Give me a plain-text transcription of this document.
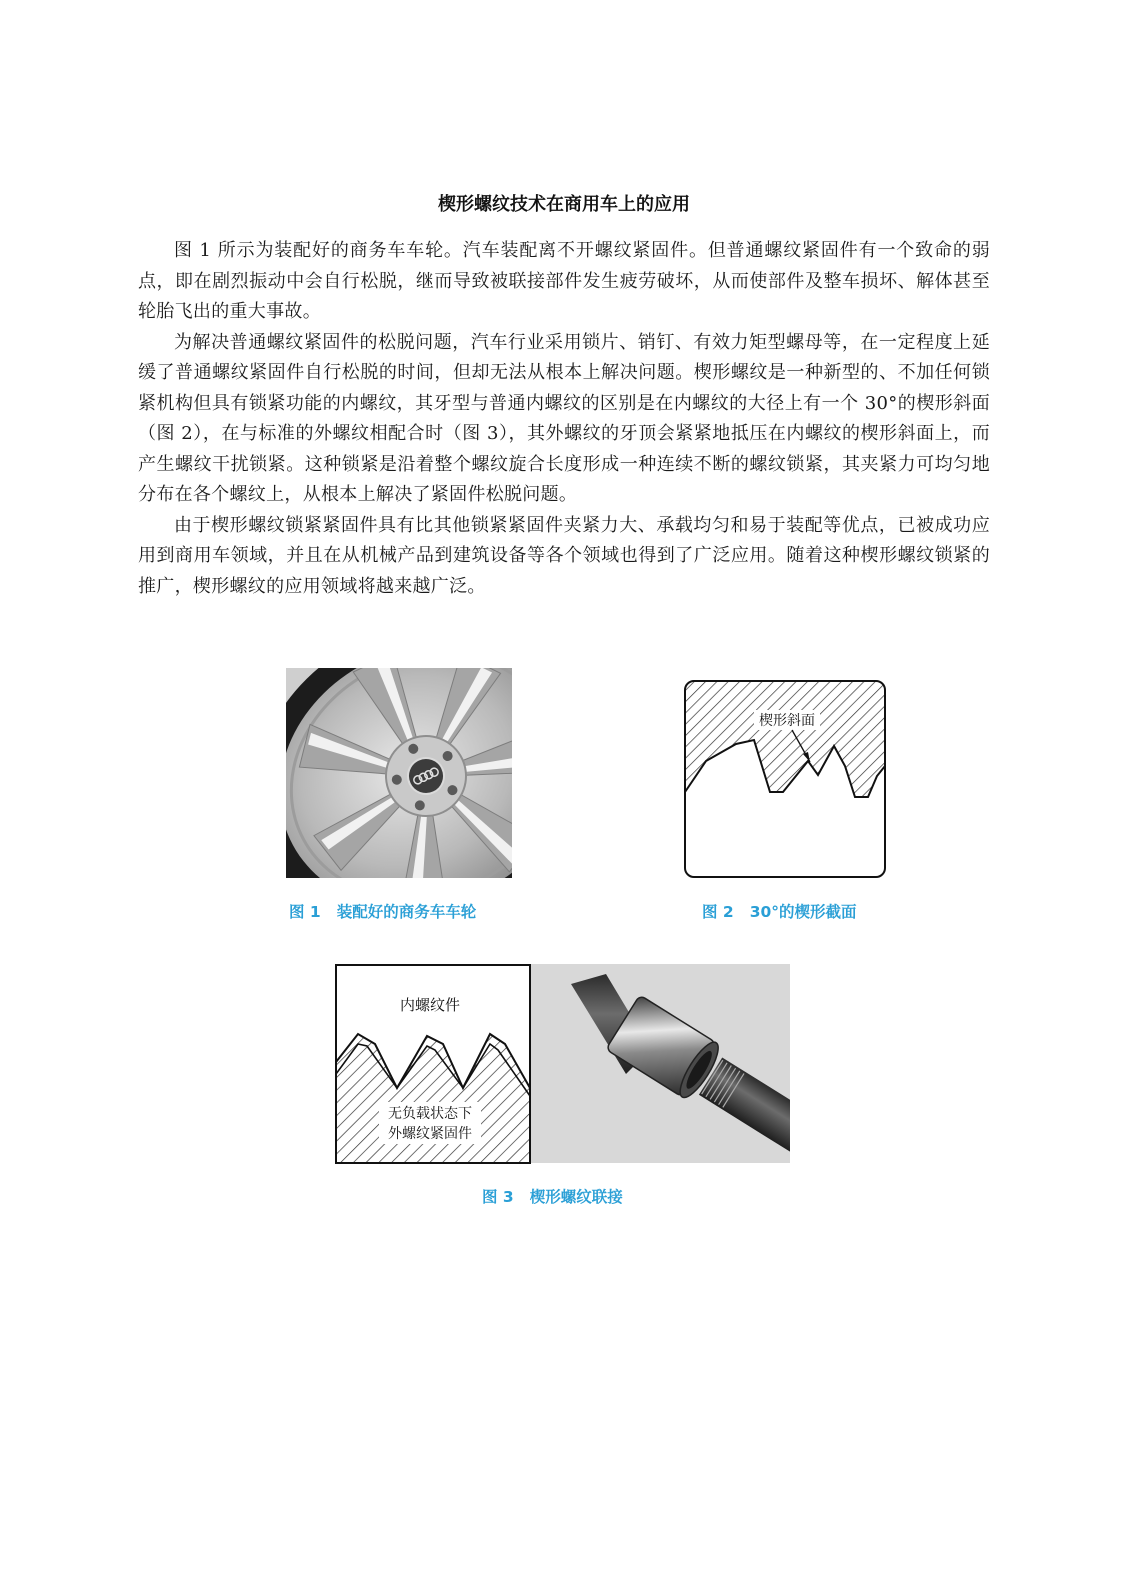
楔形螺纹技术在商用车上的应用

图 1 所示为装配好的商务车车轮。汽车装配离不开螺纹紧固件。但普通螺纹紧固件有一个致命的弱点，即在剧烈振动中会自行松脱，继而导致被联接部件发生疲劳破坏，从而使部件及整车损坏、解体甚至轮胎飞出的重大事故。

为解决普通螺纹紧固件的松脱问题，汽车行业采用锁片、销钉、有效力矩型螺母等，在一定程度上延缓了普通螺纹紧固件自行松脱的时间，但却无法从根本上解决问题。楔形螺纹是一种新型的、不加任何锁紧机构但具有锁紧功能的内螺纹，其牙型与普通内螺纹的区别是在内螺纹的大径上有一个 30°的楔形斜面（图 2），在与标准的外螺纹相配合时（图 3），其外螺纹的牙顶会紧紧地抵压在内螺纹的楔形斜面上，而产生螺纹干扰锁紧。这种锁紧是沿着整个螺纹旋合长度形成一种连续不断的螺纹锁紧，其夹紧力可均匀地分布在各个螺纹上，从根本上解决了紧固件松脱问题。

由于楔形螺纹锁紧紧固件具有比其他锁紧紧固件夹紧力大、承载均匀和易于装配等优点，已被成功应用到商用车领域，并且在从机械产品到建筑设备等各个领域也得到了广泛应用。随着这种楔形螺纹锁紧的推广，楔形螺纹的应用领域将越来越广泛。

楔形斜面
图 1 装配好的商务车车轮	图 2 30°的楔形截面
内螺纹件
无负载状态下
外螺纹紧固件
图 3 楔形螺纹联接
